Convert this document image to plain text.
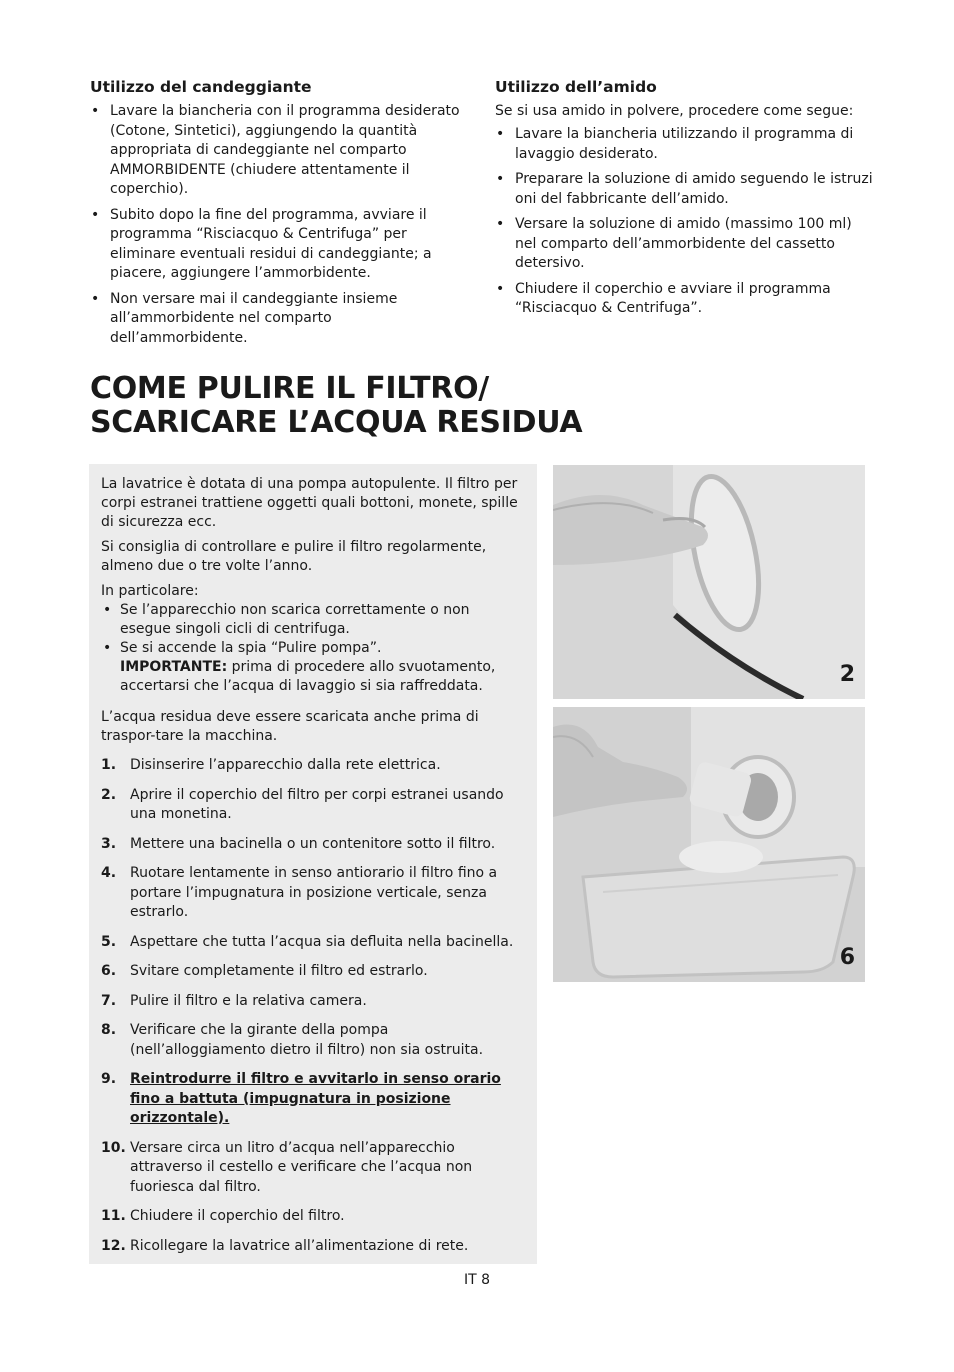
Utilizzo del candeggiante
• Lavare la biancheria con il programma desiderato (Cotone, Sintetici), aggiungendo la quantità appropriata di candeggiante nel comparto AMMORBIDENTE (chiudere attentamente il coperchio).
• Subito dopo la fine del programma, avviare il programma “Risciacquo & Centrifuga” per eliminare eventuali residui di candeggiante; a piacere, aggiungere l’ammorbidente.
• Non versare mai il candeggiante insieme all’ammorbidente nel comparto dell’ammorbidente.
Utilizzo dell’amido

Se si usa amido in polvere, procedere come segue:

• Lavare la biancheria utilizzando il programma di lavaggio desiderato.
• Preparare la soluzione di amido seguendo le istruzi oni del fabbricante dell’amido.
• Versare la soluzione di amido (massimo 100 ml) nel comparto dell’ammorbidente del cassetto detersivo.
• Chiudere il coperchio e avviare il programma “Risciacquo & Centrifuga”.
COME PULIRE IL FILTRO/
SCARICARE L’ACQUA RESIDUA

La lavatrice è dotata di una pompa autopulente. Il filtro per corpi estranei trattiene oggetti quali bottoni, monete, spille di sicurezza ecc.

Si consiglia di controllare e pulire il filtro regolarmente, almeno due o tre volte l’anno.

In particolare:

• Se l’apparecchio non scarica correttamente o non esegue singoli cicli di centrifuga.
• Se si accende la spia “Pulire pompa”.
IMPORTANTE: prima di procedere allo svuotamento, accertarsi che l’acqua di lavaggio si sia raffreddata.

L’acqua residua deve essere scaricata anche prima di traspor-tare la macchina.

1. Disinserire l’apparecchio dalla rete elettrica.
2. Aprire il coperchio del filtro per corpi estranei usando una monetina.
3. Mettere una bacinella o un contenitore sotto il filtro.
4. Ruotare lentamente in senso antiorario il filtro fino a portare l’impugnatura in posizione verticale, senza estrarlo.
5. Aspettare che tutta l’acqua sia defluita nella bacinella.
6. Svitare completamente il filtro ed estrarlo.
7. Pulire il filtro e la relativa camera.
8. Verificare che la girante della pompa (nell’alloggiamento dietro il filtro) non sia ostruita.
9. Reintrodurre il filtro e avvitarlo in senso orario fino a battuta (impugnatura in posizione orizzontale).
10. Versare circa un litro d’acqua nell’apparecchio attraverso il cestello e verificare che l’acqua non fuoriesca dal filtro.
11. Chiudere il coperchio del filtro.
12. Ricollegare la lavatrice all’alimentazione di rete.
2
6
IT 8
